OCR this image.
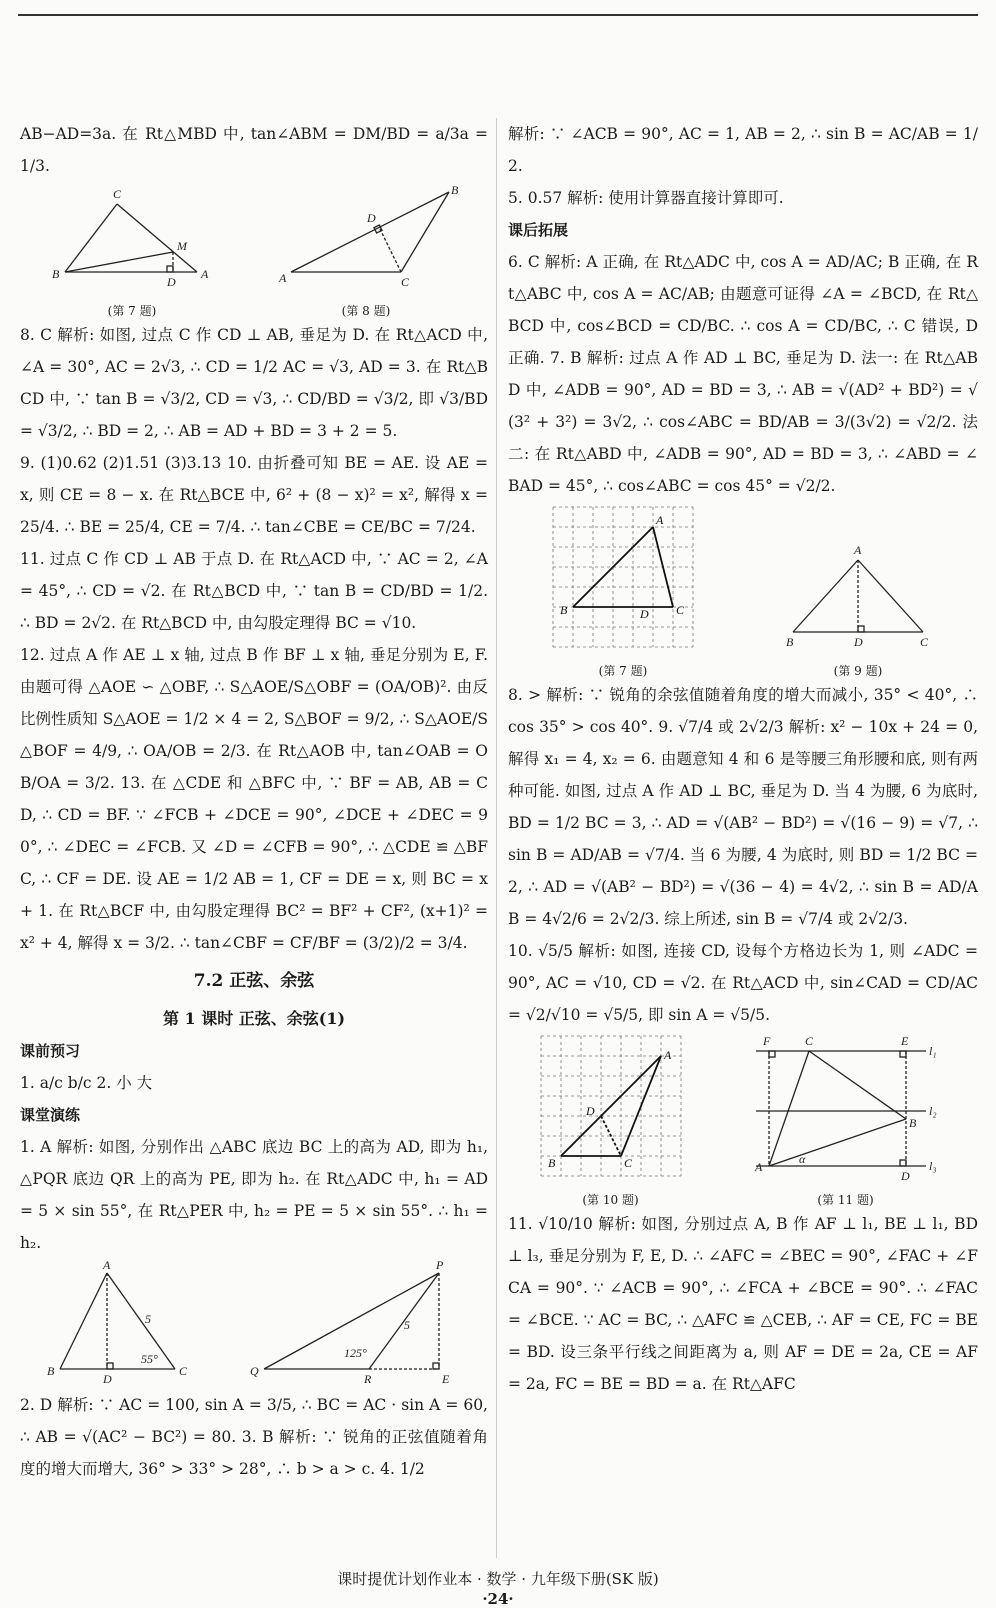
AB−AD=3a. 在 Rt△MBD 中, tan∠ABM = DM/BD = a/3a = 1/3.

C
M
B
D
A
(第 7 题)
D
B
A	C
(第 8 题)

8. C 解析: 如图, 过点 C 作 CD ⊥ AB, 垂足为 D. 在 Rt△ACD 中, ∠A = 30°, AC = 2√3, ∴ CD = 1/2 AC = √3, AD = 3. 在 Rt△BCD 中, ∵ tan B = √3/2, CD = √3, ∴ CD/BD = √3/2, 即 √3/BD = √3/2, ∴ BD = 2, ∴ AB = AD + BD = 3 + 2 = 5.

9. (1)0.62 (2)1.51 (3)3.13 10. 由折叠可知 BE = AE. 设 AE = x, 则 CE = 8 − x. 在 Rt△BCE 中, 6² + (8 − x)² = x², 解得 x = 25/4. ∴ BE = 25/4, CE = 7/4. ∴ tan∠CBE = CE/BC = 7/24.

11. 过点 C 作 CD ⊥ AB 于点 D. 在 Rt△ACD 中, ∵ AC = 2, ∠A = 45°, ∴ CD = √2. 在 Rt△BCD 中, ∵ tan B = CD/BD = 1/2. ∴ BD = 2√2. 在 Rt△BCD 中, 由勾股定理得 BC = √10.

12. 过点 A 作 AE ⊥ x 轴, 过点 B 作 BF ⊥ x 轴, 垂足分别为 E, F. 由题可得 △AOE ∽ △OBF, ∴ S△AOE/S△OBF = (OA/OB)². 由反比例性质知 S△AOE = 1/2 × 4 = 2, S△BOF = 9/2, ∴ S△AOE/S△BOF = 4/9, ∴ OA/OB = 2/3. 在 Rt△AOB 中, tan∠OAB = OB/OA = 3/2. 13. 在 △CDE 和 △BFC 中, ∵ BF = AB, AB = CD, ∴ CD = BF. ∵ ∠FCB + ∠DCE = 90°, ∠DCE + ∠DEC = 90°, ∴ ∠DEC = ∠FCB. 又 ∠D = ∠CFB = 90°, ∴ △CDE ≌ △BFC, ∴ CF = DE. 设 AE = 1/2 AB = 1, CF = DE = x, 则 BC = x + 1. 在 Rt△BCF 中, 由勾股定理得 BC² = BF² + CF², (x+1)² = x² + 4, 解得 x = 3/2. ∴ tan∠CBF = CF/BF = (3/2)/2 = 3/4.

7.2 正弦、余弦

第 1 课时 正弦、余弦(1)

课前预习

1. a/c b/c 2. 小 大

课堂演练

1. A 解析: 如图, 分别作出 △ABC 底边 BC 上的高为 AD, 即为 h₁, △PQR 底边 QR 上的高为 PE, 即为 h₂. 在 Rt△ADC 中, h₁ = AD = 5 × sin 55°, 在 Rt△PER 中, h₂ = PE = 5 × sin 55°. ∴ h₁ = h₂.

A
5
55°
B
D
C
P
5
125°
Q
R	E

2. D 解析: ∵ AC = 100, sin A = 3/5, ∴ BC = AC · sin A = 60, ∴ AB = √(AC² − BC²) = 80. 3. B 解析: ∵ 锐角的正弦值随着角度的增大而增大, 36° > 33° > 28°, ∴ b > a > c. 4. 1/2

解析: ∵ ∠ACB = 90°, AC = 1, AB = 2, ∴ sin B = AC/AB = 1/2.

5. 0.57 解析: 使用计算器直接计算即可.

课后拓展

6. C 解析: A 正确, 在 Rt△ADC 中, cos A = AD/AC; B 正确, 在 Rt△ABC 中, cos A = AC/AB; 由题意可证得 ∠A = ∠BCD, 在 Rt△BCD 中, cos∠BCD = CD/BC. ∴ cos A = CD/BC, ∴ C 错误, D 正确. 7. B 解析: 过点 A 作 AD ⊥ BC, 垂足为 D. 法一: 在 Rt△ABD 中, ∠ADB = 90°, AD = BD = 3, ∴ AB = √(AD² + BD²) = √(3² + 3²) = 3√2, ∴ cos∠ABC = BD/AB = 3/(3√2) = √2/2. 法二: 在 Rt△ABD 中, ∠ADB = 90°, AD = BD = 3, ∴ ∠ABD = ∠BAD = 45°, ∴ cos∠ABC = cos 45° = √2/2.

A
B	D C
(第 7 题)
A
B	D	C
(第 9 题)

8. > 解析: ∵ 锐角的余弦值随着角度的增大而减小, 35° < 40°, ∴ cos 35° > cos 40°. 9. √7/4 或 2√2/3 解析: x² − 10x + 24 = 0, 解得 x₁ = 4, x₂ = 6. 由题意知 4 和 6 是等腰三角形腰和底, 则有两种可能. 如图, 过点 A 作 AD ⊥ BC, 垂足为 D. 当 4 为腰, 6 为底时, BD = 1/2 BC = 3, ∴ AD = √(AB² − BD²) = √(16 − 9) = √7, ∴ sin B = AD/AB = √7/4. 当 6 为腰, 4 为底时, 则 BD = 1/2 BC = 2, ∴ AD = √(AB² − BD²) = √(36 − 4) = 4√2, ∴ sin B = AD/AB = 4√2/6 = 2√2/3. 综上所述, sin B = √7/4 或 2√2/3.

10. √5/5 解析: 如图, 连接 CD, 设每个方格边长为 1, 则 ∠ADC = 90°, AC = √10, CD = √2. 在 Rt△ACD 中, sin∠CAD = CD/AC = √2/√10 = √5/5, 即 sin A = √5/5.

A
D
B	C
(第 10 题)
F	C	E
l₁
l₂
B
l₃
A
α
D
(第 11 题)

11. √10/10 解析: 如图, 分别过点 A, B 作 AF ⊥ l₁, BE ⊥ l₁, BD ⊥ l₃, 垂足分别为 F, E, D. ∴ ∠AFC = ∠BEC = 90°, ∠FAC + ∠FCA = 90°. ∵ ∠ACB = 90°, ∴ ∠FCA + ∠BCE = 90°. ∴ ∠FAC = ∠BCE. ∵ AC = BC, ∴ △AFC ≌ △CEB, ∴ AF = CE, FC = BE = BD. 设三条平行线之间距离为 a, 则 AF = DE = 2a, CE = AF = 2a, FC = BE = BD = a. 在 Rt△AFC

课时提优计划作业本 · 数学 · 九年级下册(SK 版)
·24·
